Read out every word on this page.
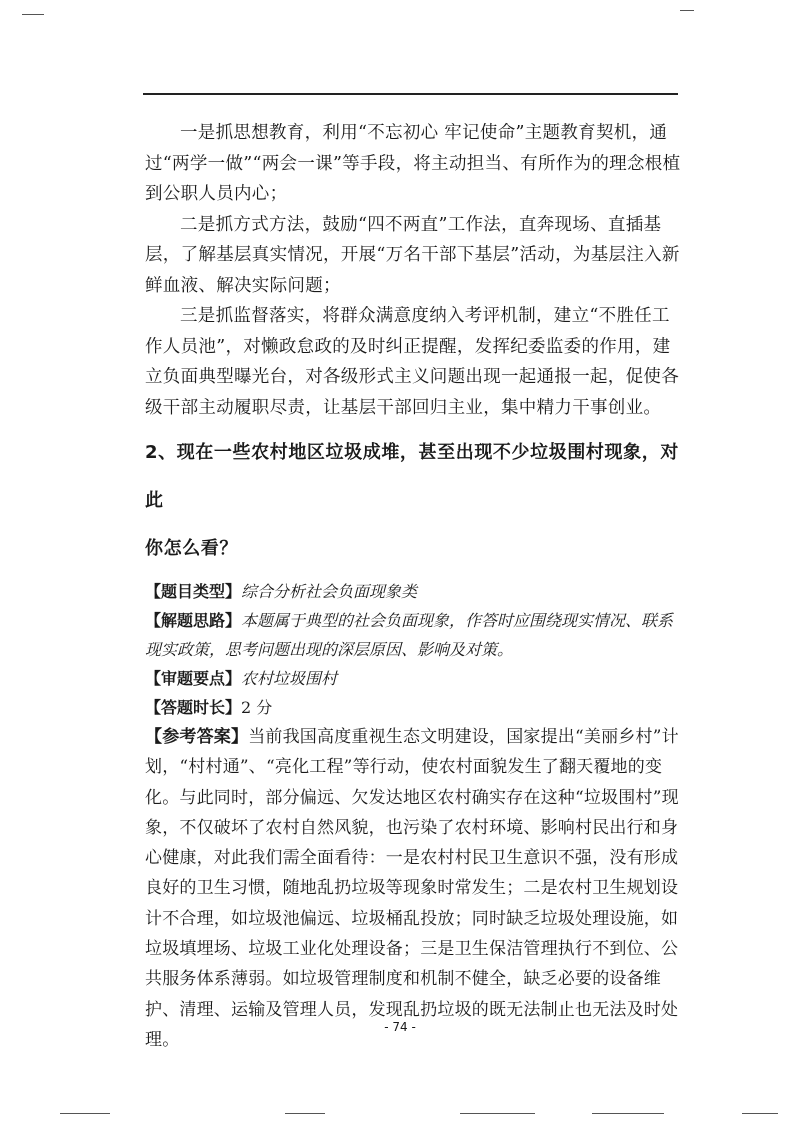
一是抓思想教育，利用“不忘初心 牢记使命”主题教育契机，通过“两学一做”“两会一课”等手段，将主动担当、有所作为的理念根植到公职人员内心；

二是抓方式方法，鼓励“四不两直”工作法，直奔现场、直插基层，了解基层真实情况，开展“万名干部下基层”活动，为基层注入新鲜血液、解决实际问题；

三是抓监督落实，将群众满意度纳入考评机制，建立“不胜任工作人员池”，对懒政怠政的及时纠正提醒，发挥纪委监委的作用，建立负面典型曝光台，对各级形式主义问题出现一起通报一起，促使各级干部主动履职尽责，让基层干部回归主业，集中精力干事创业。

2、现在一些农村地区垃圾成堆，甚至出现不少垃圾围村现象，对此
你怎么看？

【题目类型】综合分析社会负面现象类

【解题思路】本题属于典型的社会负面现象，作答时应围绕现实情况、联系现实政策，思考问题出现的深层原因、影响及对策。

【审题要点】农村垃圾围村

【答题时长】2 分

【参考答案】当前我国高度重视生态文明建设，国家提出“美丽乡村”计划，“村村通”、“亮化工程”等行动，使农村面貌发生了翻天覆地的变化。与此同时，部分偏远、欠发达地区农村确实存在这种“垃圾围村”现象，不仅破坏了农村自然风貌，也污染了农村环境、影响村民出行和身心健康，对此我们需全面看待：一是农村村民卫生意识不强，没有形成良好的卫生习惯，随地乱扔垃圾等现象时常发生；二是农村卫生规划设计不合理，如垃圾池偏远、垃圾桶乱投放；同时缺乏垃圾处理设施，如垃圾填埋场、垃圾工业化处理设备；三是卫生保洁管理执行不到位、公共服务体系薄弱。如垃圾管理制度和机制不健全，缺乏必要的设备维护、清理、运输及管理人员，发现乱扔垃圾的既无法制止也无法及时处理。

- 74 -
